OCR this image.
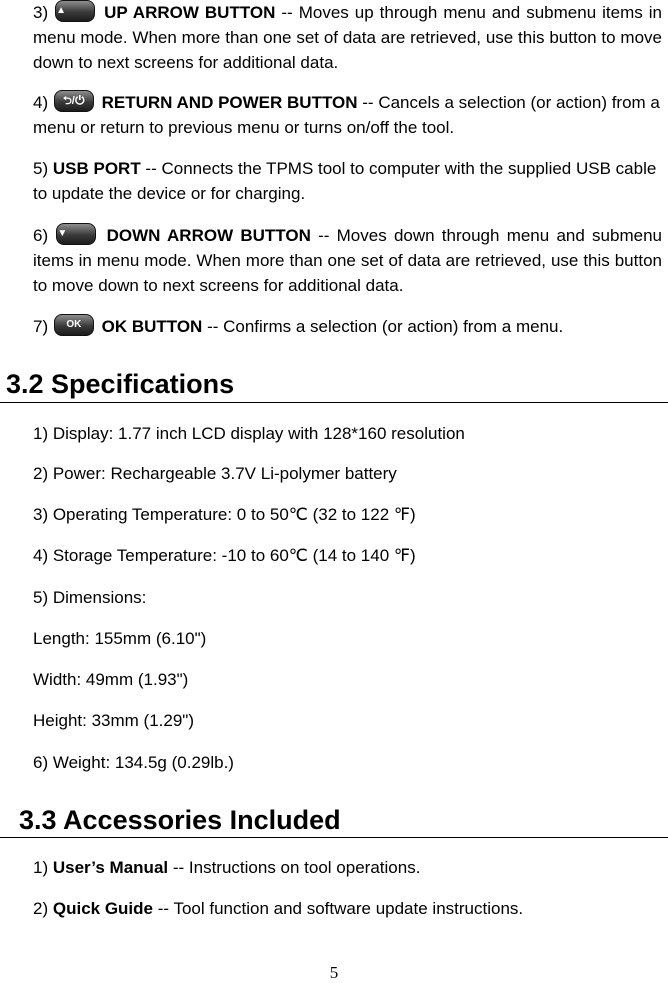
3) ▲	UP ARROW BUTTON -- Moves up through menu and submenu items in menu mode. When more than one set of data are retrieved, use this button to move down to next screens for additional data.
4)	⮌/⏻ RETURN AND POWER BUTTON -- Cancels a selection (or action) from a menu or return to previous menu or turns on/off the tool.
5) USB PORT -- Connects the TPMS tool to computer with the supplied USB cable to update the device or for charging.
6) ▼	DOWN ARROW BUTTON -- Moves down through menu and submenu items in menu mode. When more than one set of data are retrieved, use this button to move down to next screens for additional data.
7)	OK	OK BUTTON -- Confirms a selection (or action) from a menu.
3.2 Specifications
1) Display: 1.77 inch LCD display with 128*160 resolution
2) Power: Rechargeable 3.7V Li-polymer battery
3) Operating Temperature: 0 to 50℃ (32 to 122 ℉)
4) Storage Temperature: -10 to 60℃ (14 to 140 ℉)
5) Dimensions:
Length: 155mm (6.10")
Width: 49mm (1.93")
Height: 33mm (1.29")
6) Weight: 134.5g (0.29lb.)
3.3 Accessories Included
1) User’s Manual -- Instructions on tool operations.
2) Quick Guide -- Tool function and software update instructions.
5
